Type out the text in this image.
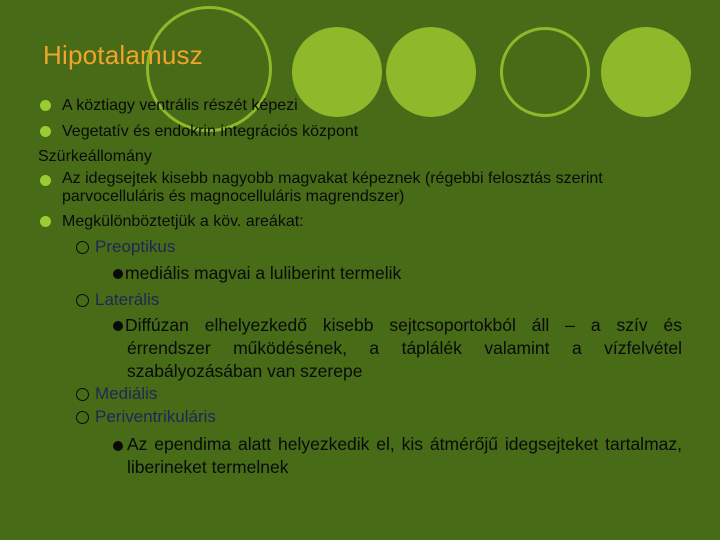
Hipotalamusz
A köztiagy ventrális részét képezi
Vegetatív és endokrin integrációs központ
Szürkeállomány
Az idegsejtek kisebb nagyobb magvakat képeznek (régebbi felosztás szerint parvocelluláris és magnocelluláris magrendszer)
Megkülönböztetjük a köv. areákat:
Preoptikus
mediális magvai a luliberint termelik
Laterális
Diffúzan elhelyezkedő kisebb sejtcsoportokból áll – a szív és érrendszer működésének, a táplálék valamint a vízfelvétel szabályozásában van szerepe
Mediális
Periventrikuláris
Az ependima alatt helyezkedik el, kis átmérőjű idegsejteket tartalmaz, liberineket termelnek
